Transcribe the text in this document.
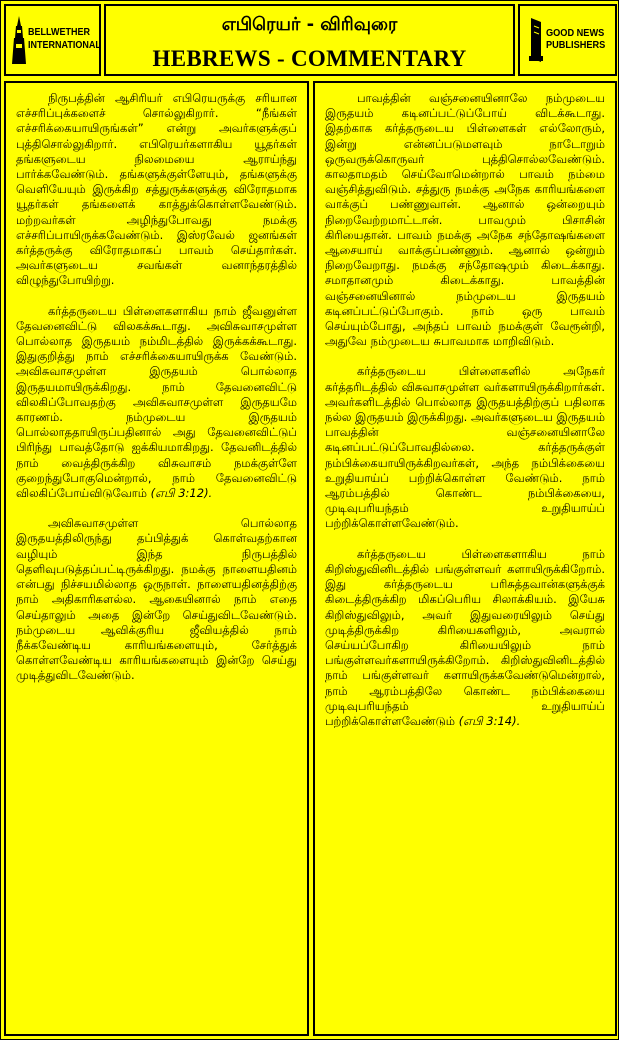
BELLWETHER
INTERNATIONAL
எபிரெயர் - விரிவுரை
HEBREWS - COMMENTARY
GOOD NEWS
PUBLISHERS

நிருபத்தின் ஆசிரியர் எபிரெயருக்கு சரியான எச்சரிப்புக்களைச் சொல்லுகிறார். “நீங்கள் எச்சரிக்கையாயிருங்கள்” என்று அவர்களுக்குப் புத்திசொல்லுகிறார். எபிரெயர்களாகிய யூதர்கள் தங்களுடைய நிலமையை ஆராய்ந்து பார்க்கவேண்டும். தங்களுக்குள்ளேயும், தங்களுக்கு வெளியேயும் இருக்கிற சத்துருக்களுக்கு விரோதமாக யூதர்கள் தங்களைக் காத்துக்கொள்ளவேண்டும். மற்றவர்கள் அழிந்துபோவது நமக்கு எச்சரிப்பாயிருக்கவேண்டும். இஸ்ரவேல் ஜனங்கள் கர்த்தருக்கு விரோதமாகப் பாவம் செய்தார்கள். அவர்களுடைய சவங்கள் வனாந்தரத்தில் விழுந்துபோயிற்று.

கர்த்தருடைய பிள்ளைகளாகிய நாம் ஜீவனுள்ள தேவனைவிட்டு விலகக்கூடாது. அவிசுவாசமுள்ள பொல்லாத இருதயம் நம்மிடத்தில் இருக்கக்கூடாது. இதுகுறித்து நாம் எச்சரிக்கையாயிருக்க வேண்டும். அவிசுவாசமுள்ள இருதயம் பொல்லாத இருதயமாயிருக்கிறது. நாம் தேவனைவிட்டு விலகிப்போவதற்கு அவிசுவாசமுள்ள இருதயமே காரணம். நம்முடைய இருதயம் பொல்லாததாயிருப்பதினால் அது தேவனைவிட்டுப் பிரிந்து பாவத்தோடு ஐக்கியமாகிறது. தேவனிடத்தில் நாம் வைத்திருக்கிற விசுவாசம் நமக்குள்ளே குறைந்துபோகுமென்றால், நாம் தேவனைவிட்டு விலகிப்போய்விடுவோம் (எபி 3:12).

அவிசுவாசமுள்ள பொல்லாத இருதயத்திலிருந்து தப்பித்துக் கொள்வதற்கான வழியும் இந்த நிருபத்தில் தெளிவுபடுத்தப்பட்டிருக்கிறது. நமக்கு நாளையதினம் என்பது நிச்சயமில்லாத ஒருநாள். நாளையதினத்திற்கு நாம் அதிகாரிகளல்ல. ஆகையினால் நாம் எதை செய்தாலும் அதை இன்றே செய்துவிடவேண்டும். நம்முடைய ஆவிக்குரிய ஜீவியத்தில் நாம் நீக்கவேண்டிய காரியங்களையும், சேர்த்துக் கொள்ளவேண்டிய காரியங்களையும் இன்றே செய்து முடித்துவிடவேண்டும்.

பாவத்தின் வஞ்சனையினாலே நம்முடைய இருதயம் கடினப்பட்டுப்போய் விடக்கூடாது. இதற்காக கர்த்தருடைய பிள்ளைகள் எல்லோரும், இன்று என்னப்படுமளவும் நாடோறும் ஒருவருக்கொருவர் புத்திசொல்லவேண்டும். காலதாமதம் செய்வோமென்றால் பாவம் நம்மை வஞ்சித்துவிடும். சத்துரு நமக்கு அநேக காரியங்களை வாக்குப் பண்ணுவான். ஆனால் ஒன்றையும் நிறைவேற்றமாட்டான். பாவமும் பிசாசின் கிரியைதான். பாவம் நமக்கு அநேக சந்தோஷங்களை ஆசையாய் வாக்குப்பண்ணும். ஆனால் ஒன்றும் நிறைவேறாது. நமக்கு சந்தோஷமும் கிடைக்காது. சமாதானமும் கிடைக்காது. பாவத்தின் வஞ்சனையினால் நம்முடைய இருதயம் கடினப்பட்டுப்போகும். நாம் ஒரு பாவம் செய்யும்போது, அந்தப் பாவம் நமக்குள் வேரூன்றி, அதுவே நம்முடைய சுபாவமாக மாறிவிடும்.

கர்த்தருடைய பிள்ளைகளில் அநேகர் கர்த்தரிடத்தில் விசுவாசமுள்ள வர்களாயிருக்கிறார்கள். அவர்களிடத்தில் பொல்லாத இருதயத்திற்குப் பதிலாக நல்ல இருதயம் இருக்கிறது. அவர்களுடைய இருதயம் பாவத்தின் வஞ்சனையினாலே கடினப்பட்டுப்போவதில்லை. கர்த்தருக்குள் நம்பிக்கையாயிருக்கிறவர்கள், அந்த நம்பிக்கையை உறுதியாய்ப் பற்றிக்கொள்ள வேண்டும். நாம் ஆரம்பத்தில் கொண்ட நம்பிக்கையை, முடிவுபரியந்தம் உறுதியாய்ப் பற்றிக்கொள்ளவேண்டும்.

கர்த்தருடைய பிள்ளைகளாகிய நாம் கிறிஸ்துவினிடத்தில் பங்குள்ளவர் களாயிருக்கிறோம். இது கர்த்தருடைய பரிசுத்தவான்களுக்குக் கிடைத்திருக்கிற மிகப்பெரிய சிலாக்கியம். இயேசு கிறிஸ்துவிலும், அவர் இதுவரையிலும் செய்து முடித்திருக்கிற கிரியைகளிலும், அவரால் செய்யப்போகிற கிரியையிலும் நாம் பங்குள்ளவர்களாயிருக்கிறோம். கிறிஸ்துவினிடத்தில் நாம் பங்குள்ளவர் களாயிருக்கவேண்டுமென்றால், நாம் ஆரம்பத்திலே கொண்ட நம்பிக்கையை முடிவுபரியந்தம் உறுதியாய்ப் பற்றிக்கொள்ளவேண்டும் (எபி 3:14).
